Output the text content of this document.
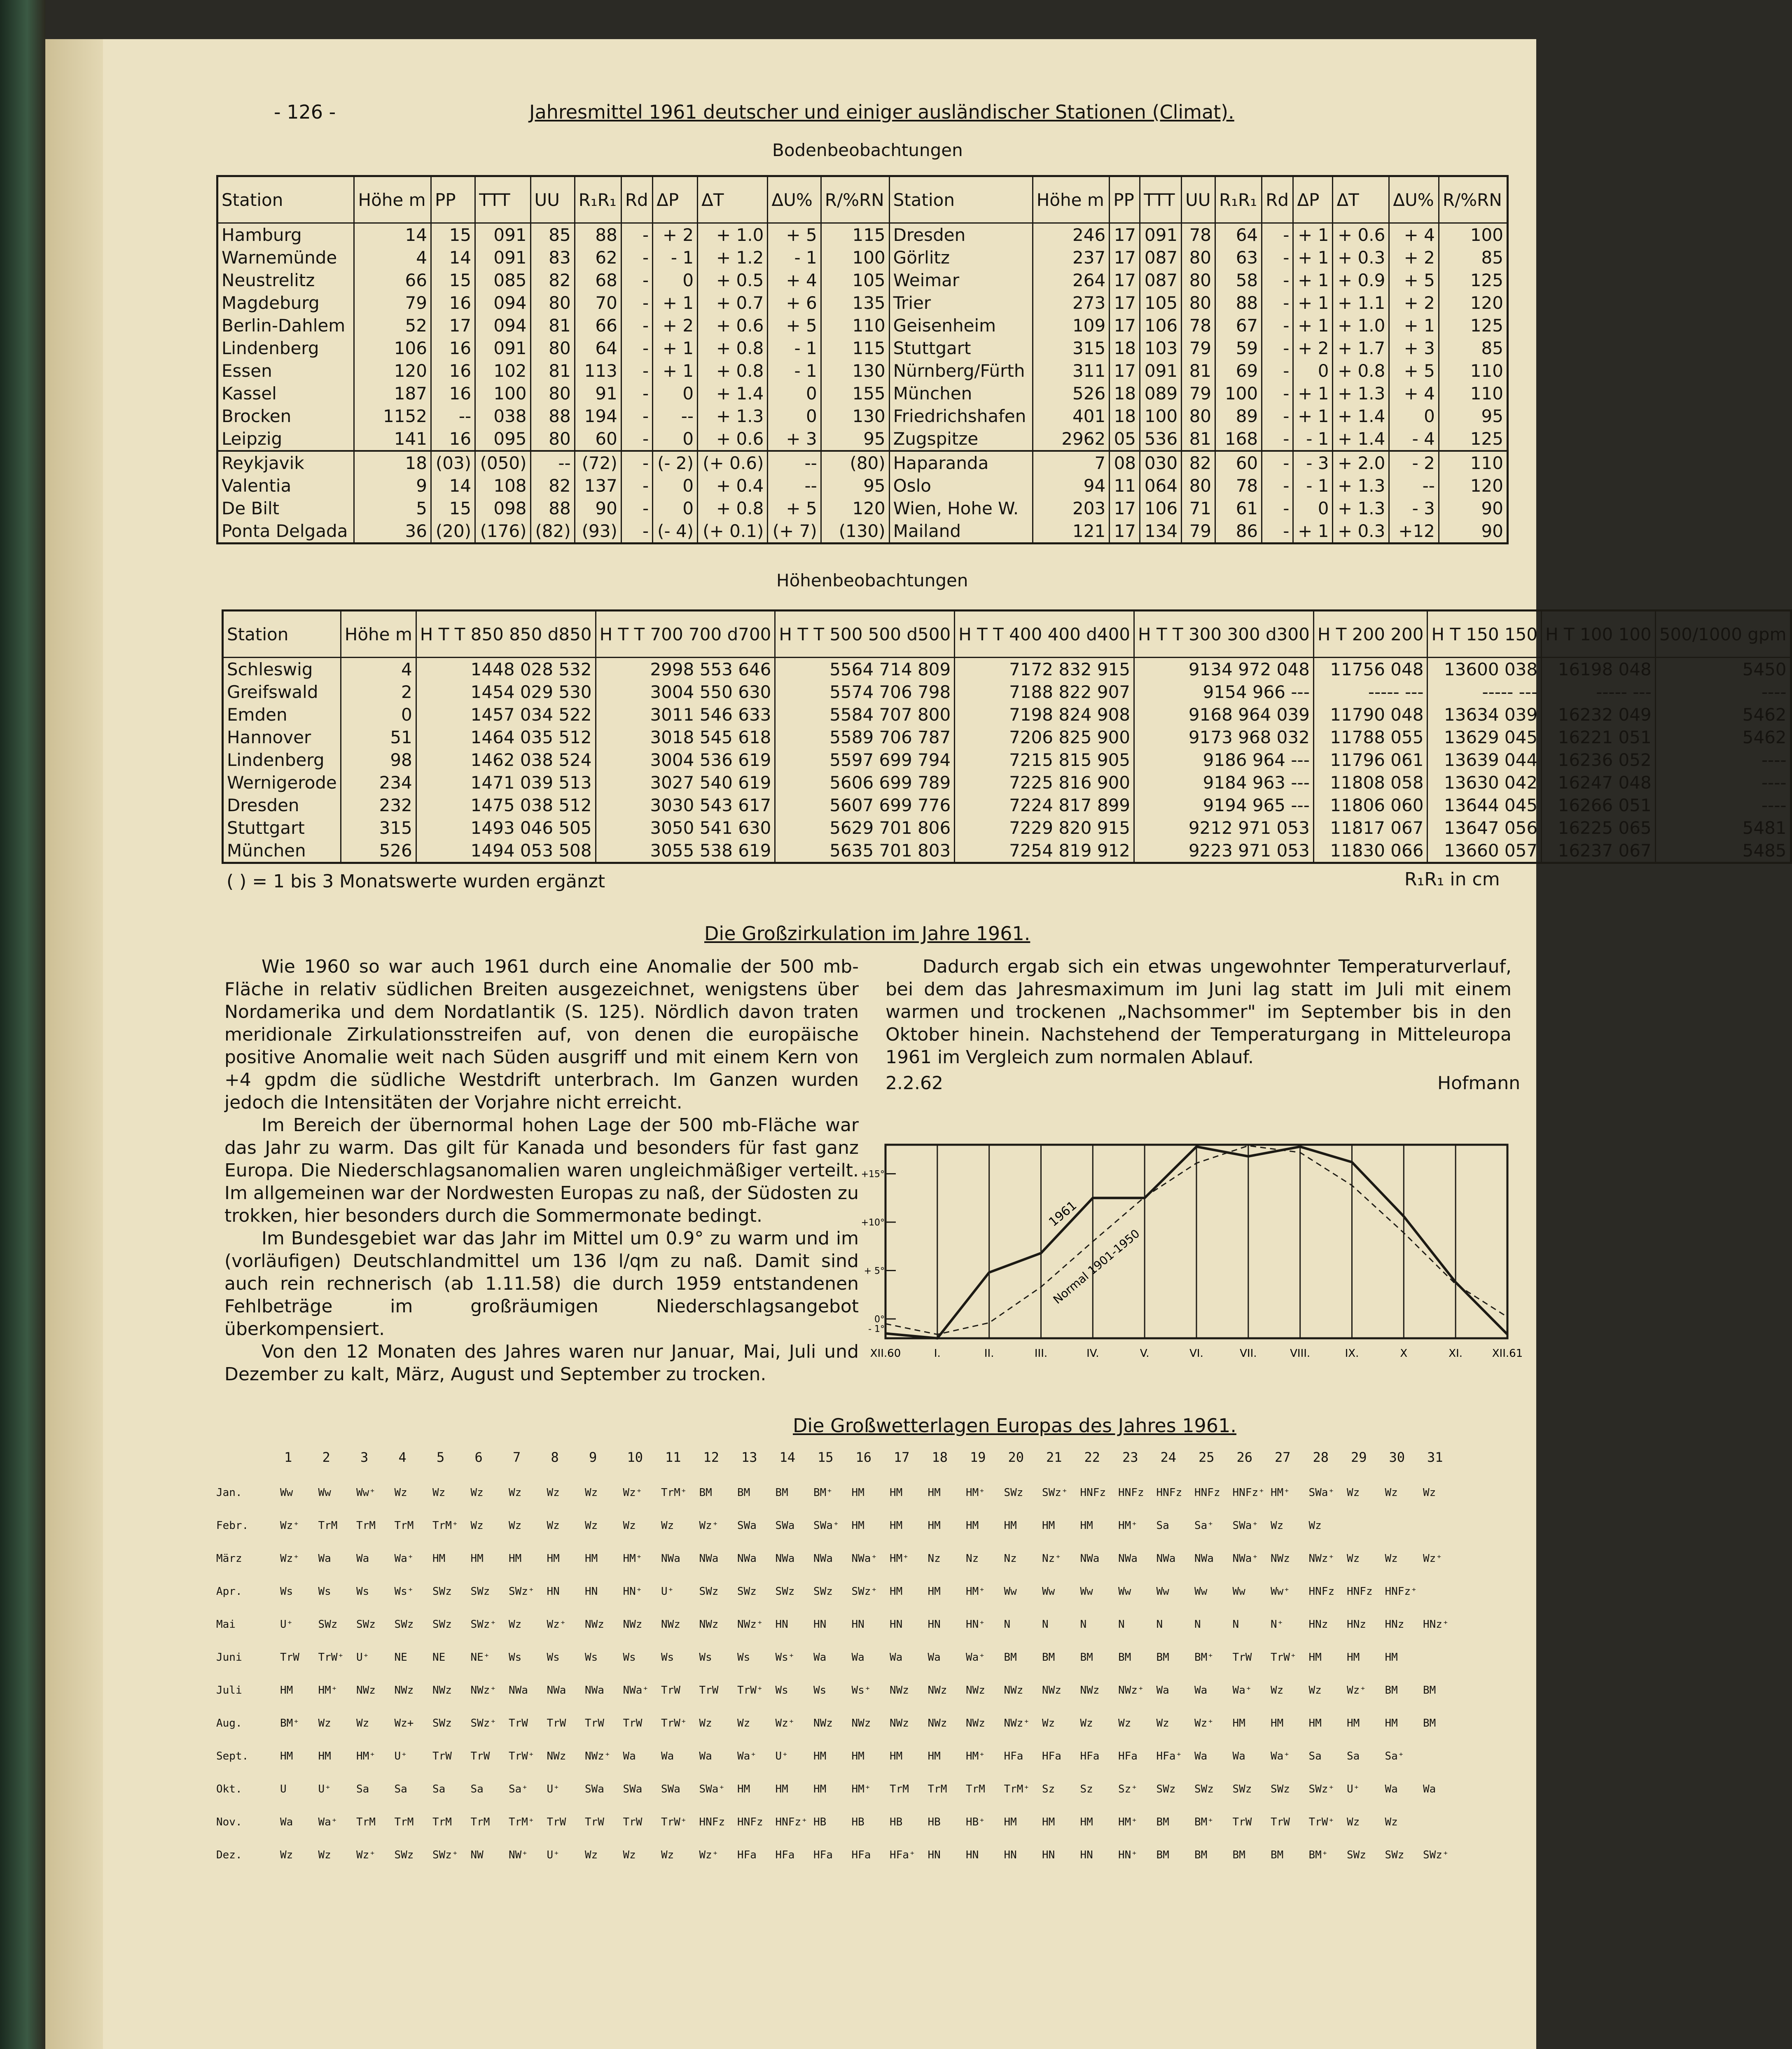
- 126 -	Jahresmittel 1961 deutscher und einiger ausländischer Stationen (Climat).
Bodenbeobachtungen
Station	Höhe m	PP	TTT	UU	R₁R₁	Rd	ΔP	ΔT	ΔU%	R/%RN	Station	Höhe m	PP	TTT	UU	R₁R₁	Rd	ΔP	ΔT	ΔU%	R/%RN
Hamburg	14	15	091	85	88	-	+ 2	+ 1.0	+ 5	115	Dresden	246	17	091	78	64	-	+ 1	+ 0.6	+ 4	100
Warnemünde	4	14	091	83	62	-	- 1	+ 1.2	- 1	100	Görlitz	237	17	087	80	63	-	+ 1	+ 0.3	+ 2	85
Neustrelitz	66	15	085	82	68	-	0	+ 0.5	+ 4	105	Weimar	264	17	087	80	58	-	+ 1	+ 0.9	+ 5	125
Magdeburg	79	16	094	80	70	-	+ 1	+ 0.7	+ 6	135	Trier	273	17	105	80	88	-	+ 1	+ 1.1	+ 2	120
Berlin-Dahlem	52	17	094	81	66	-	+ 2	+ 0.6	+ 5	110	Geisenheim	109	17	106	78	67	-	+ 1	+ 1.0	+ 1	125
Lindenberg	106	16	091	80	64	-	+ 1	+ 0.8	- 1	115	Stuttgart	315	18	103	79	59	-	+ 2	+ 1.7	+ 3	85
Essen	120	16	102	81	113	-	+ 1	+ 0.8	- 1	130	Nürnberg/Fürth	311	17	091	81	69	-	0	+ 0.8	+ 5	110
Kassel	187	16	100	80	91	-	0	+ 1.4	0	155	München	526	18	089	79	100	-	+ 1	+ 1.3	+ 4	110
Brocken	1152	--	038	88	194	-	--	+ 1.3	0	130	Friedrichshafen	401	18	100	80	89	-	+ 1	+ 1.4	0	95
Leipzig	141	16	095	80	60	-	0	+ 0.6	+ 3	95	Zugspitze	2962	05	536	81	168	-	- 1	+ 1.4	- 4	125
Reykjavik	18	(03)	(050)	--	(72)	-	(- 2)	(+ 0.6)	--	(80)	Haparanda	7	08	030	82	60	-	- 3	+ 2.0	- 2	110
Valentia	9	14	108	82	137	-	0	+ 0.4	--	95	Oslo	94	11	064	80	78	-	- 1	+ 1.3	--	120
De Bilt	5	15	098	88	90	-	0	+ 0.8	+ 5	120	Wien, Hohe W.	203	17	106	71	61	-	0	+ 1.3	- 3	90
Ponta Delgada	36	(20)	(176)	(82)	(93)	-	(- 4)	(+ 0.1)	(+ 7)	(130)	Mailand	121	17	134	79	86	-	+ 1	+ 0.3	+12	90
Höhenbeobachtungen
Station	Höhe m	H T T 850 850 d850	H T T 700 700 d700	H T T 500 500 d500	H T T 400 400 d400	H T T 300 300 d300	H T 200 200	H T 150 150	H T 100 100	500/1000 gpm
Schleswig	4	1448 028 532	2998 553 646	5564 714 809	7172 832 915	9134 972 048	11756 048	13600 038	16198 048	5450
Greifswald	2	1454 029 530	3004 550 630	5574 706 798	7188 822 907	9154 966 ---	----- ---	----- ---	----- ---	----
Emden	0	1457 034 522	3011 546 633	5584 707 800	7198 824 908	9168 964 039	11790 048	13634 039	16232 049	5462
Hannover	51	1464 035 512	3018 545 618	5589 706 787	7206 825 900	9173 968 032	11788 055	13629 045	16221 051	5462
Lindenberg	98	1462 038 524	3004 536 619	5597 699 794	7215 815 905	9186 964 ---	11796 061	13639 044	16236 052	----
Wernigerode	234	1471 039 513	3027 540 619	5606 699 789	7225 816 900	9184 963 ---	11808 058	13630 042	16247 048	----
Dresden	232	1475 038 512	3030 543 617	5607 699 776	7224 817 899	9194 965 ---	11806 060	13644 045	16266 051	----
Stuttgart	315	1493 046 505	3050 541 630	5629 701 806	7229 820 915	9212 971 053	11817 067	13647 056	16225 065	5481
München	526	1494 053 508	3055 538 619	5635 701 803	7254 819 912	9223 971 053	11830 066	13660 057	16237 067	5485
( ) = 1 bis 3 Monatswerte wurden ergänzt	R₁R₁ in cm
Die Großzirkulation im Jahre 1961.

Wie 1960 so war auch 1961 durch eine Anomalie der 500 mb-Fläche in relativ südlichen Breiten ausgezeichnet, wenigstens über Nordamerika und dem Nordatlantik (S. 125). Nördlich davon traten meridionale Zirkulationsstreifen auf, von denen die europäische positive Anomalie weit nach Süden ausgriff und mit einem Kern von +4 gpdm die südliche Westdrift unterbrach. Im Ganzen wurden jedoch die Intensitäten der Vorjahre nicht erreicht.

Im Bereich der übernormal hohen Lage der 500 mb-Fläche war das Jahr zu warm. Das gilt für Kanada und besonders für fast ganz Europa. Die Niederschlagsanomalien waren ungleichmäßiger verteilt. Im allgemeinen war der Nordwesten Europas zu naß, der Südosten zu trokken, hier besonders durch die Sommermonate bedingt.

Im Bundesgebiet war das Jahr im Mittel um 0.9° zu warm und im (vorläufigen) Deutschlandmittel um 136 l/qm zu naß. Damit sind auch rein rechnerisch (ab 1.11.58) die durch 1959 entstandenen Fehlbeträge im großräumigen Niederschlagsangebot überkompensiert.

Von den 12 Monaten des Jahres waren nur Januar, Mai, Juli und Dezember zu kalt, März, August und September zu trocken.

Dadurch ergab sich ein etwas ungewohnter Temperaturverlauf, bei dem das Jahresmaximum im Juni lag statt im Juli mit einem warmen und trockenen „Nachsommer" im September bis in den Oktober hinein. Nachstehend der Temperaturgang in Mitteleuropa 1961 im Vergleich zum normalen Ablauf.

2.2.62	Hofmann
+15°
+10°
+ 5°
0°
- 1°
XII.60	I.	II.	III.	IV.	V.	VI.	VII.	VIII.	IX.	X	XI.	XII.61
1961
Normal 1901-1950
Die Großwetterlagen Europas des Jahres 1961.
1 2 3 4 5 6 7 8 9 10 11 12 13 14 15 16 17 18 19 20 21 22 23 24 25 26 27 28 29 30 31
Jan.	Ww Ww Ww⁺ Wz Wz Wz Wz Wz Wz Wz⁺ TrM⁺ BM BM BM BM⁺ HM HM HM HM⁺ SWz SWz⁺ HNFz HNFz HNFz HNFz HNFz⁺ HM⁺ SWa⁺ Wz Wz Wz
Febr.	Wz⁺ TrM TrM TrM TrM⁺ Wz Wz Wz Wz Wz Wz Wz⁺ SWa SWa SWa⁺ HM HM HM HM HM HM HM HM⁺ Sa Sa⁺ SWa⁺ Wz Wz
März	Wz⁺ Wa Wa Wa⁺ HM HM HM HM HM HM⁺ NWa NWa NWa NWa NWa NWa⁺ HM⁺ Nz Nz Nz Nz⁺ NWa NWa NWa NWa NWa⁺ NWz NWz⁺ Wz Wz Wz⁺
Apr.	Ws Ws Ws Ws⁺ SWz SWz SWz⁺ HN HN HN⁺ U⁺ SWz SWz SWz SWz SWz⁺ HM HM HM⁺ Ww Ww Ww Ww Ww Ww Ww Ww⁺ HNFz HNFz HNFz⁺
Mai	U⁺ SWz SWz SWz SWz SWz⁺ Wz Wz⁺ NWz NWz NWz NWz NWz⁺ HN HN HN HN HN HN⁺ N	N	N	N	N	N	N	N⁺ HNz HNz HNz HNz⁺
Juni	TrW TrW⁺ U⁺ NE NE NE⁺ Ws Ws Ws Ws Ws Ws Ws Ws⁺ Wa Wa Wa Wa Wa⁺ BM BM BM BM BM BM⁺ TrW TrW⁺ HM HM HM
Juli	HM HM⁺ NWz NWz NWz NWz⁺ NWa NWa NWa NWa⁺ TrW TrW TrW⁺ Ws Ws Ws⁺ NWz NWz NWz NWz NWz NWz NWz⁺ Wa Wa Wa⁺ Wz Wz Wz⁺ BM BM
Aug.	BM⁺ Wz Wz Wz+ SWz SWz⁺ TrW TrW TrW TrW TrW⁺ Wz Wz Wz⁺ NWz NWz NWz NWz NWz NWz⁺ Wz Wz Wz Wz Wz⁺ HM HM HM HM HM BM
Sept.	HM HM HM⁺ U⁺ TrW TrW TrW⁺ NWz NWz⁺ Wa Wa Wa Wa⁺ U⁺ HM HM HM HM HM⁺ HFa HFa HFa HFa HFa⁺ Wa Wa Wa⁺ Sa Sa Sa⁺
Okt.	U	U⁺ Sa Sa Sa Sa Sa⁺ U⁺ SWa SWa SWa SWa⁺ HM HM HM HM⁺ TrM TrM TrM TrM⁺ Sz Sz Sz⁺ SWz SWz SWz SWz SWz⁺ U⁺ Wa Wa
Nov.	Wa Wa⁺ TrM TrM TrM TrM TrM⁺ TrW TrW TrW TrW⁺ HNFz HNFz HNFz⁺ HB HB HB HB HB⁺ HM HM HM HM⁺ BM BM⁺ TrW TrW TrW⁺ Wz Wz
Dez.	Wz Wz Wz⁺ SWz SWz⁺ NW NW⁺ U⁺ Wz Wz Wz Wz⁺ HFa HFa HFa HFa HFa⁺ HN HN HN HN HN HN⁺ BM BM BM BM BM⁺ SWz SWz SWz⁺
